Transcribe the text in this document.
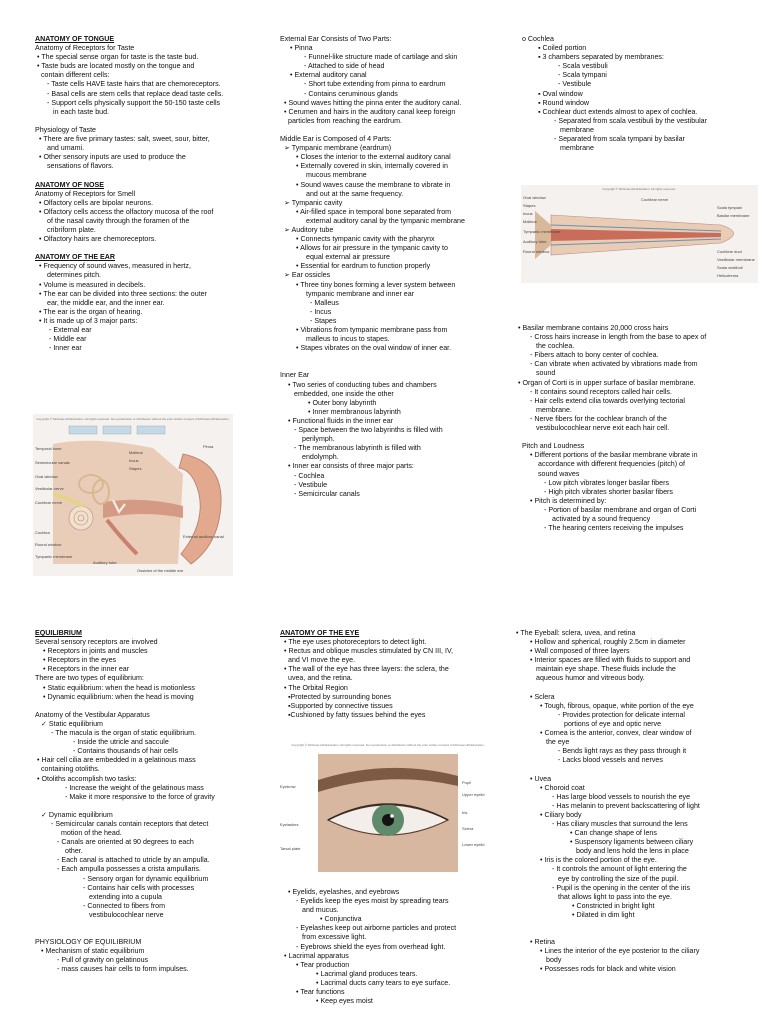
ANATOMY OF TONGUE
Anatomy of Receptors for Taste
• The special sense organ for taste is the taste bud.
• Taste buds are located mostly on the tongue and
contain different cells:
- Taste cells HAVE taste hairs that are chemoreceptors.
- Basal cells are stem cells that replace dead taste cells.
- Support cells physically support the 50-150 taste cells
in each taste bud.

Physiology of Taste
• There are five primary tastes: salt, sweet, sour, bitter,
and umami.
• Other sensory inputs are used to produce the
sensations of flavors.

ANATOMY OF NOSE
Anatomy of Receptors for Smell
• Olfactory cells are bipolar neurons.
• Olfactory cells access the olfactory mucosa of the roof
of the nasal cavity through the foramen of the
cribriform plate.
• Olfactory hairs are chemoreceptors.

ANATOMY OF THE EAR
• Frequency of sound waves, measured in hertz,
determines pitch.
• Volume is measured in decibels.
• The ear can be divided into three sections: the outer
ear, the middle ear, and the inner ear.
• The ear is the organ of hearing.
• It is made up of 3 major parts:
- External ear
- Middle ear
- Inner ear
External Ear Consists of Two Parts:
• Pinna
- Funnel-like structure made of cartilage and skin
- Attached to side of head
• External auditory canal
- Short tube extending from pinna to eardrum
- Contains ceruminous glands
• Sound waves hitting the pinna enter the auditory canal.
• Cerumen and hairs in the auditory canal keep foreign
particles from reaching the eardrum.

Middle Ear is Composed of 4 Parts:
➢ Tympanic membrane (eardrum)
• Closes the interior to the external auditory canal
• Externally covered in skin, internally covered in
mucous membrane
• Sound waves cause the membrane to vibrate in
and out at the same frequency.
➢ Tympanic cavity
• Air-filled space in temporal bone separated from
external auditory canal by the tympanic membrane
➢ Auditory tube
• Connects tympanic cavity with the pharynx
• Allows for air pressure in the tympanic cavity to
equal external air pressure
• Essential for eardrum to function properly
➢ Ear ossicles
• Three tiny bones forming a lever system between
tympanic membrane and inner ear
- Malleus
- Incus
- Stapes
• Vibrations from tympanic membrane pass from
malleus to incus to stapes.
• Stapes vibrates on the oval window of inner ear.

Inner Ear
• Two series of conducting tubes and chambers
embedded, one inside the other
• Outer bony labyrinth
• Inner membranous labyrinth
• Functional fluids in the inner ear
- Space between the two labyrinths is filled with
perilymph.
- The membranous labyrinth is filled with
endolymph.
• Inner ear consists of three major parts:
- Cochlea
- Vestibule
- Semicircular canals
o Cochlea
▪ Coiled portion
▪ 3 chambers separated by membranes:
- Scala vestibuli
- Scala tympani
- Vestibule
▪ Oval window
▪ Round window
▪ Cochlear duct extends almost to apex of cochlea.
- Separated from scala vestibuli by the vestibular
membrane
- Separated from scala tympani by basilar
membrane
• Basilar membrane contains 20,000 cross hairs
- Cross hairs increase in length from the base to apex of
the cochlea.
- Fibers attach to bony center of cochlea.
- Can vibrate when activated by vibrations made from
sound
• Organ of Corti is in upper surface of basilar membrane.
- It contains sound receptors called hair cells.
- Hair cells extend cilia towards overlying tectorial
membrane.
- Nerve fibers for the cochlear branch of the
vestibulocochlear nerve exit each hair cell.

Pitch and Loudness
• Different portions of the basilar membrane vibrate in
accordance with different frequencies (pitch) of
sound waves
- Low pitch vibrates longer basilar fibers
- High pitch vibrates shorter basilar fibers
• Pitch is determined by:
- Portion of basilar membrane and organ of Corti
activated by a sound frequency
- The hearing centers receiving the impulses
EQUILIBRIUM
Several sensory receptors are involved
• Receptors in joints and muscles
• Receptors in the eyes
• Receptors in the inner ear
There are two types of equilibrium:
• Static equilibrium: when the head is motionless
• Dynamic equilibrium: when the head is moving

Anatomy of the Vestibular Apparatus
✓ Static equilibrium
- The macula is the organ of static equilibrium.
- Inside the utricle and saccule
- Contains thousands of hair cells
• Hair cell cilia are embedded in a gelatinous mass
containing otoliths.
• Otoliths accomplish two tasks:
- Increase the weight of the gelatinous mass
- Make it more responsive to the force of gravity

✓ Dynamic equilibrium
- Semicircular canals contain receptors that detect
motion of the head.
- Canals are oriented at 90 degrees to each
other.
- Each canal is attached to utricle by an ampulla.
- Each ampulla possesses a crista ampullaris.
- Sensory organ for dynamic equilibrium
- Contains hair cells with processes
extending into a cupula
- Connected to fibers from
vestibulocochlear nerve

PHYSIOLOGY OF EQUILIBRIUM
• Mechanism of static equilibrium
- Pull of gravity on gelatinous
- mass causes hair cells to form impulses.
ANATOMY OF THE EYE
• The eye uses photoreceptors to detect light.
• Rectus and oblique muscles stimulated by CN III, IV,
and VI move the eye.
• The wall of the eye has three layers: the sclera, the
uvea, and the retina.
• The Orbital Region
▪Protected by surrounding bones
▪Supported by connective tissues
▪Cushioned by fatty tissues behind the eyes
• Eyelids, eyelashes, and eyebrows
- Eyelids keep the eyes moist by spreading tears
and mucus.
• Conjunctiva
- Eyelashes keep out airborne particles and protect
from excessive light.
- Eyebrows shield the eyes from overhead light.
• Lacrimal apparatus
• Tear production
• Lacrimal gland produces tears.
• Lacrimal ducts carry tears to eye surface.
• Tear functions
• Keep eyes moist
• The Eyeball: sclera, uvea, and retina
• Hollow and spherical, roughly 2.5cm in diameter
• Wall composed of three layers
• Interior spaces are filled with fluids to support and
maintain eye shape. These fluids include the
aqueous humor and vitreous body.

• Sclera
• Tough, fibrous, opaque, white portion of the eye
- Provides protection for delicate internal
portions of eye and optic nerve
• Cornea is the anterior, convex, clear window of
the eye
- Bends light rays as they pass through it
- Lacks blood vessels and nerves

• Uvea
• Choroid coat
- Has large blood vessels to nourish the eye
- Has melanin to prevent backscattering of light
• Ciliary body
- Has ciliary muscles that surround the lens
• Can change shape of lens
• Suspensory ligaments between ciliary
body and lens hold the lens in place
• Iris is the colored portion of the eye.
- It controls the amount of light entering the
eye by controlling the size of the pupil.
- Pupil is the opening in the center of the iris
that allows light to pass into the eye.
• Constricted in bright light
• Dilated in dim light

• Retina
• Lines the interior of the eye posterior to the ciliary
body
• Possesses rods for black and white vision
Copyright © McGraw-Hill Education. All rights reserved. No reproduction or distribution without the prior written consent of McGraw-Hill Education.
Temporal bone
Semicircular canals
Oval window
Vestibular nerve
Cochlear nerve
Cochlea
Round window
Tympanic membrane
Auditory tube
Pinna
External auditory canal
Malleus
Incus
Stapes
Ossicles of the middle ear
Copyright © McGraw-Hill Education. All rights reserved.
Oval window
Stapes
Incus
Malleus
Tympanic membrane
Auditory tube
Round window
Scala tympani
Basilar membrane
Cochlear duct
Vestibular membrane
Scala vestibuli
Helicotrema
Cochlear nerve
Copyright © McGraw-Hill Education. All rights reserved. No reproduction or distribution without the prior written consent of McGraw-Hill Education.
Eyebrow
Eyelashes
Tarsal plate
Pupil
Upper eyelid
Iris
Sclera
Lower eyelid
